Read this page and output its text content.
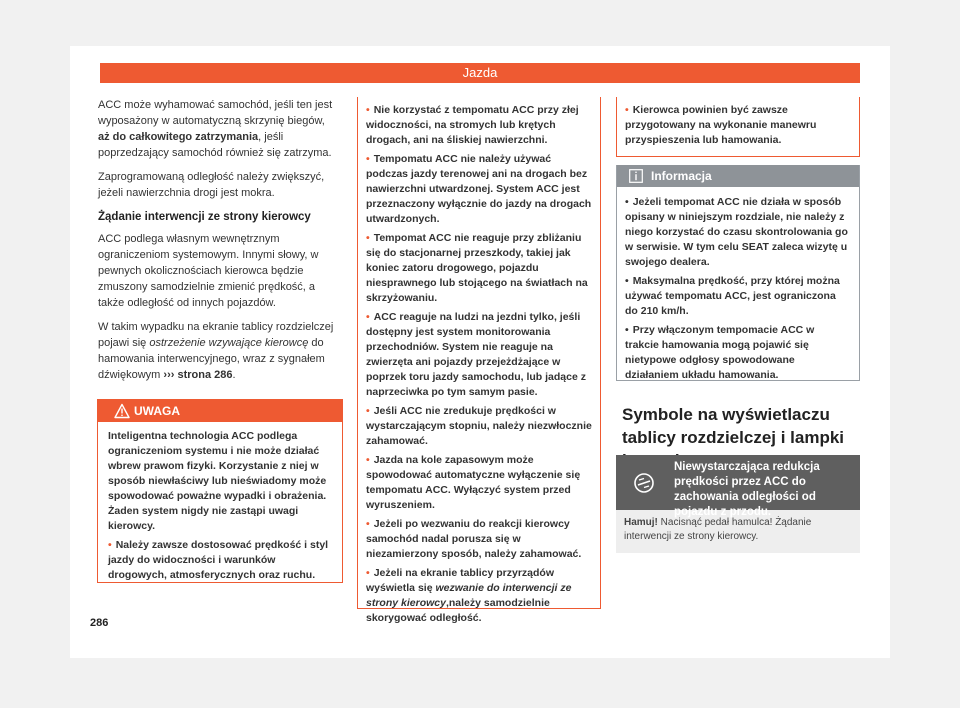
Jazda

ACC może wyhamować samochód, jeśli ten jest wyposażony w automatyczną skrzynię biegów, aż do całkowitego zatrzymania, jeśli poprzedzający samochód również się zatrzyma.

Zaprogramowaną odległość należy zwiększyć, jeżeli nawierzchnia drogi jest mokra.

Żądanie interwencji ze strony kierowcy

ACC podlega własnym wewnętrznym ograniczeniom systemowym. Innymi słowy, w pewnych okolicznościach kierowca będzie zmuszony samodzielnie zmienić prędkość, a także odległość od innych pojazdów.

W takim wypadku na ekranie tablicy rozdzielczej pojawi się ostrzeżenie wzywające kierowcę do hamowania interwencyjnego, wraz z sygnałem dźwiękowym ››› strona 286.

UWAGA

Inteligentna technologia ACC podlega ograniczeniom systemu i nie może działać wbrew prawom fizyki. Korzystanie z niej w sposób niewłaściwy lub nieświadomy może spowodować poważne wypadki i obrażenia. Żaden system nigdy nie zastąpi uwagi kierowcy.

• Należy zawsze dostosować prędkość i styl jazdy do widoczności i warunków drogowych, atmosferycznych oraz ruchu.

• Nie korzystać z tempomatu ACC przy złej widoczności, na stromych lub krętych drogach, ani na śliskiej nawierzchni.
• Tempomatu ACC nie należy używać podczas jazdy terenowej ani na drogach bez nawierzchni utwardzonej. System ACC jest przeznaczony wyłącznie do jazdy na drogach utwardzonych.
• Tempomat ACC nie reaguje przy zbliżaniu się do stacjonarnej przeszkody, takiej jak koniec zatoru drogowego, pojazdu niesprawnego lub stojącego na światłach na skrzyżowaniu.
• ACC reaguje na ludzi na jezdni tylko, jeśli dostępny jest system monitorowania przechodniów. System nie reaguje na zwierzęta ani pojazdy przejeżdżające w poprzek toru jazdy samochodu, lub jadące z naprzeciwka po tym samym pasie.
• Jeśli ACC nie zredukuje prędkości w wystarczającym stopniu, należy niezwłocznie zahamować.
• Jazda na kole zapasowym może spowodować automatyczne wyłączenie się tempomatu ACC. Wyłączyć system przed wyruszeniem.
• Jeżeli po wezwaniu do reakcji kierowcy samochód nadal porusza się w niezamierzony sposób, należy zahamować.
• Jeżeli na ekranie tablicy przyrządów wyświetla się wezwanie do interwencji ze strony kierowcy,należy samodzielnie skorygować odległość.
• Kierowca powinien być zawsze przygotowany na wykonanie manewru przyspieszenia lub hamowania.
Informacja
• Jeżeli tempomat ACC nie działa w sposób opisany w niniejszym rozdziale, nie należy z niego korzystać do czasu skontrolowania go w serwisie. W tym celu SEAT zaleca wizytę u swojego dealera.
• Maksymalna prędkość, przy której można używać tempomatu ACC, jest ograniczona do 210 km/h.
• Przy włączonym tempomacie ACC w trakcie hamowania mogą pojawić się nietypowe odgłosy spowodowane działaniem układu hamowania.
Symbole na wyświetlaczu tablicy rozdzielczej i lampki
Niewystarczająca redukcja prędkości przez ACC do zachowania odległości od pojazdu z przodu.
Hamuj! Nacisnąć pedał hamulca! Żądanie interwencji ze strony kierowcy.
286
